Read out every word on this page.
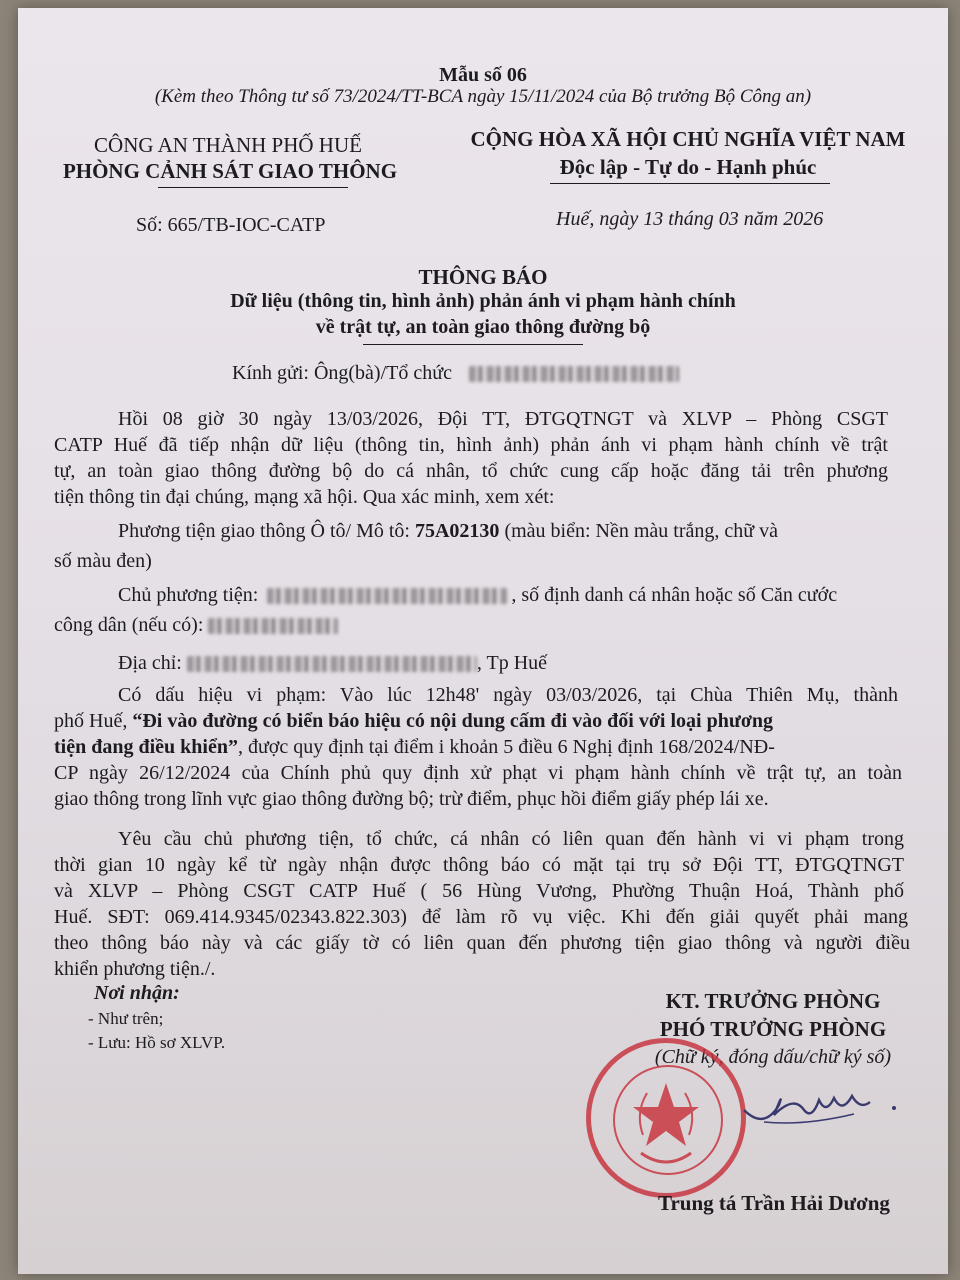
Mẫu số 06
(Kèm theo Thông tư số 73/2024/TT-BCA ngày 15/11/2024 của Bộ trưởng Bộ Công an)
CÔNG AN THÀNH PHỐ HUẾ
PHÒNG CẢNH SÁT GIAO THÔNG
CỘNG HÒA XÃ HỘI CHỦ NGHĨA VIỆT NAM
Độc lập - Tự do - Hạnh phúc
Số: 665/TB-IOC-CATP	Huế, ngày 13 tháng 03 năm 2026
THÔNG BÁO
Dữ liệu (thông tin, hình ảnh) phản ánh vi phạm hành chính
về trật tự, an toàn giao thông đường bộ
Kính gửi: Ông(bà)/Tổ chức
Hồi 08 giờ 30 ngày 13/03/2026, Đội TT, ĐTGQTNGT và XLVP – Phòng CSGT
CATP Huế đã tiếp nhận dữ liệu (thông tin, hình ảnh) phản ánh vi phạm hành chính về trật
tự, an toàn giao thông đường bộ do cá nhân, tổ chức cung cấp hoặc đăng tải trên phương
tiện thông tin đại chúng, mạng xã hội. Qua xác minh, xem xét:
Phương tiện giao thông Ô tô/ Mô tô: 75A02130 (màu biển: Nền màu trắng, chữ và
số màu đen)
Chủ phương tiện:	, số định danh cá nhân hoặc số Căn cước
công dân (nếu có):
Địa chỉ:	, Tp Huế
Có dấu hiệu vi phạm: Vào lúc 12h48' ngày 03/03/2026, tại Chùa Thiên Mụ, thành
phố Huế, “Đi vào đường có biển báo hiệu có nội dung cấm đi vào đối với loại phương
tiện đang điều khiển”, được quy định tại điểm i khoản 5 điều 6 Nghị định 168/2024/NĐ-
CP ngày 26/12/2024 của Chính phủ quy định xử phạt vi phạm hành chính về trật tự, an toàn
giao thông trong lĩnh vực giao thông đường bộ; trừ điểm, phục hồi điểm giấy phép lái xe.
Yêu cầu chủ phương tiện, tổ chức, cá nhân có liên quan đến hành vi vi phạm trong
thời gian 10 ngày kể từ ngày nhận được thông báo có mặt tại trụ sở Đội TT, ĐTGQTNGT
và XLVP – Phòng CSGT CATP Huế ( 56 Hùng Vương, Phường Thuận Hoá, Thành phố
Huế. SĐT: 069.414.9345/02343.822.303) để làm rõ vụ việc. Khi đến giải quyết phải mang
theo thông báo này và các giấy tờ có liên quan đến phương tiện giao thông và người điều
khiển phương tiện./.
Nơi nhận:
- Như trên;
- Lưu: Hồ sơ XLVP.
KT. TRƯỞNG PHÒNG
PHÓ TRƯỞNG PHÒNG
(Chữ ký, đóng dấu/chữ ký số)
Trung tá Trần Hải Dương
